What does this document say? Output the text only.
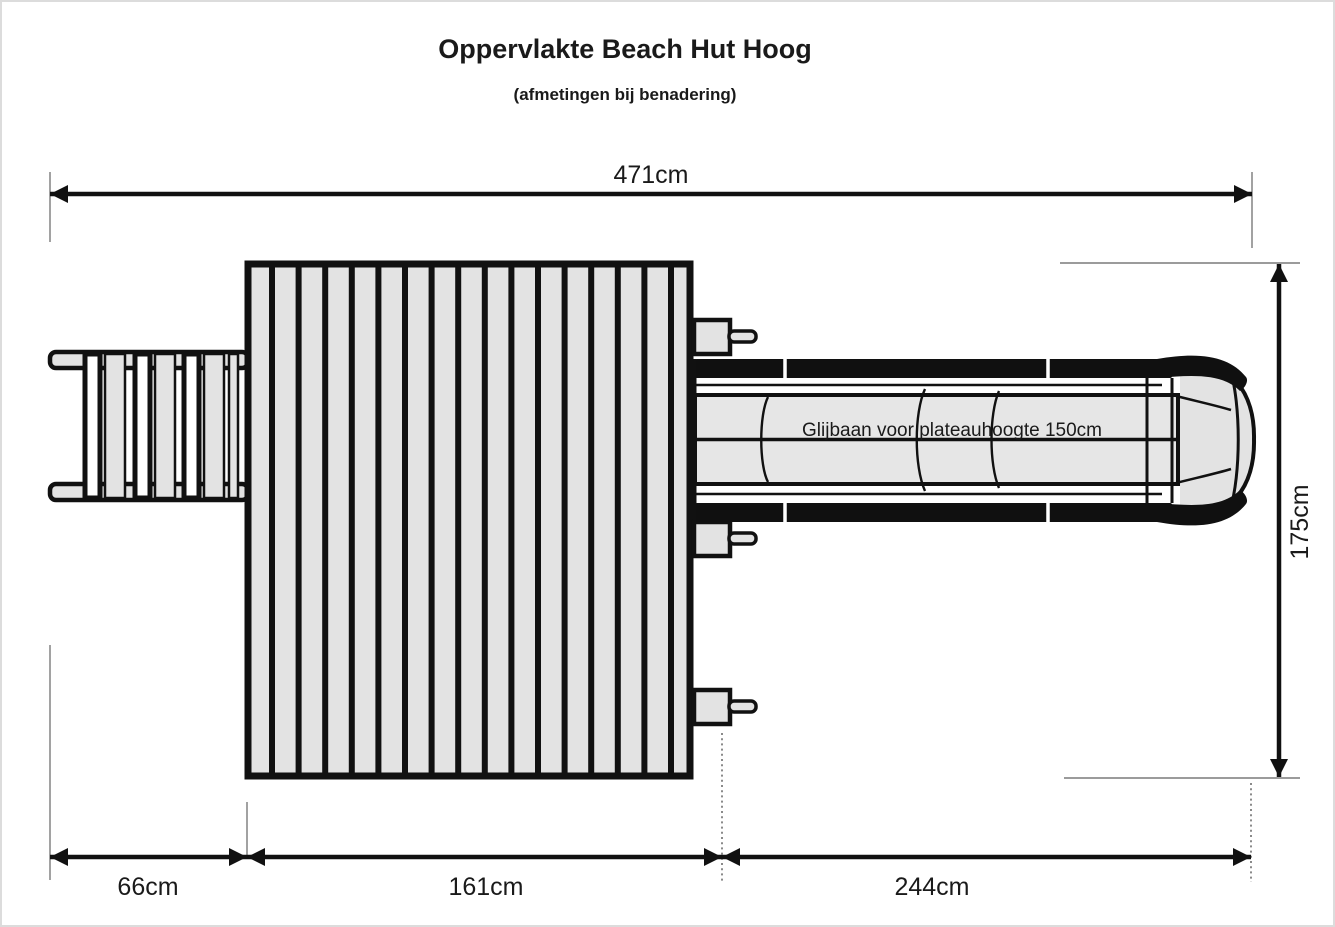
Oppervlakte Beach Hut Hoog
(afmetingen bij benadering)
471cm
175cm
66cm	161cm	244cm
Glijbaan voor plateauhoogte 150cm
